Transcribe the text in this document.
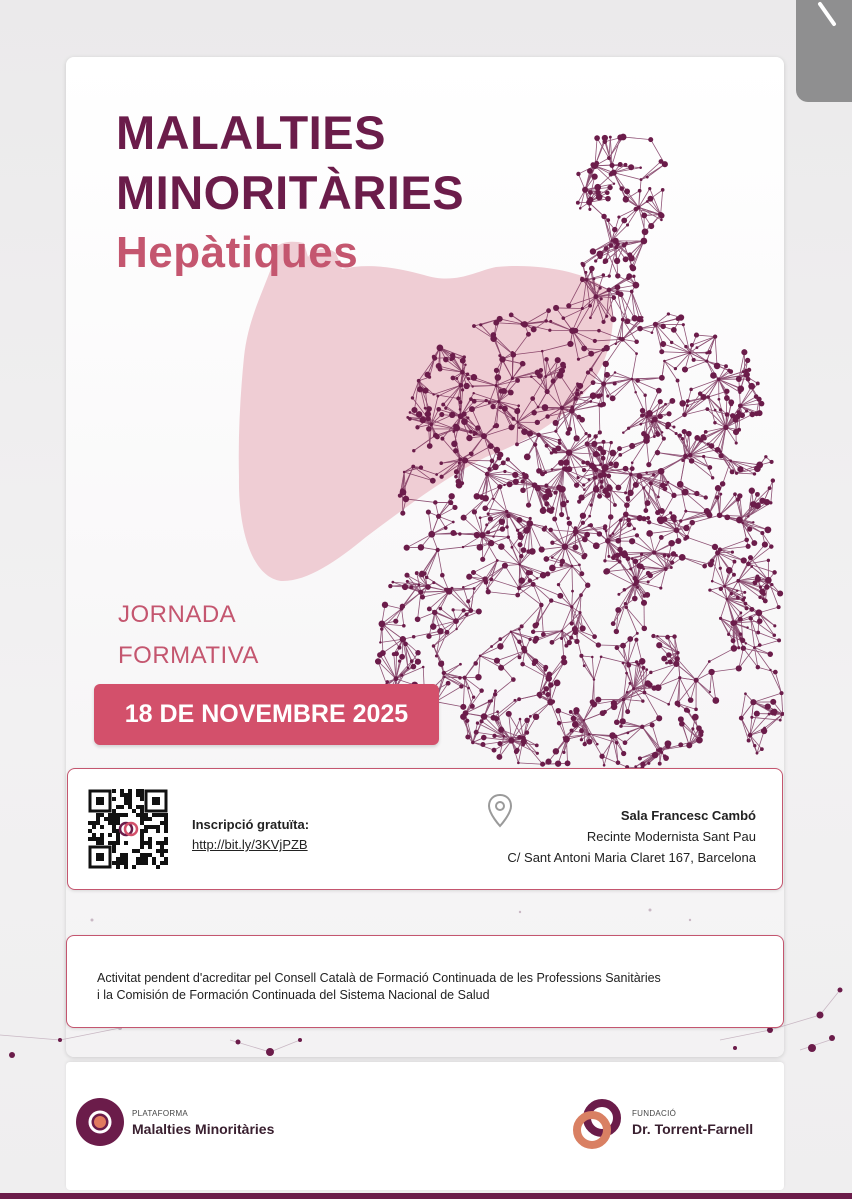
MALALTIES
MINORITÀRIES
Hepàtiques

JORNADA

FORMATIVA

18 DE NOVEMBRE 2025
Inscripció gratuïta:
http://bit.ly/3KVjPZB
Sala Francesc Cambó
Recinte Modernista Sant Pau
C/ Sant Antoni Maria Claret 167, Barcelona
Activitat pendent d'acreditar pel Consell Català de Formació Continuada de les Professions Sanitàries
i la Comisión de Formación Continuada del Sistema Nacional de Salud
PLATAFORMA
Malalties Minoritàries
FUNDACIÓ
Dr. Torrent-Farnell
